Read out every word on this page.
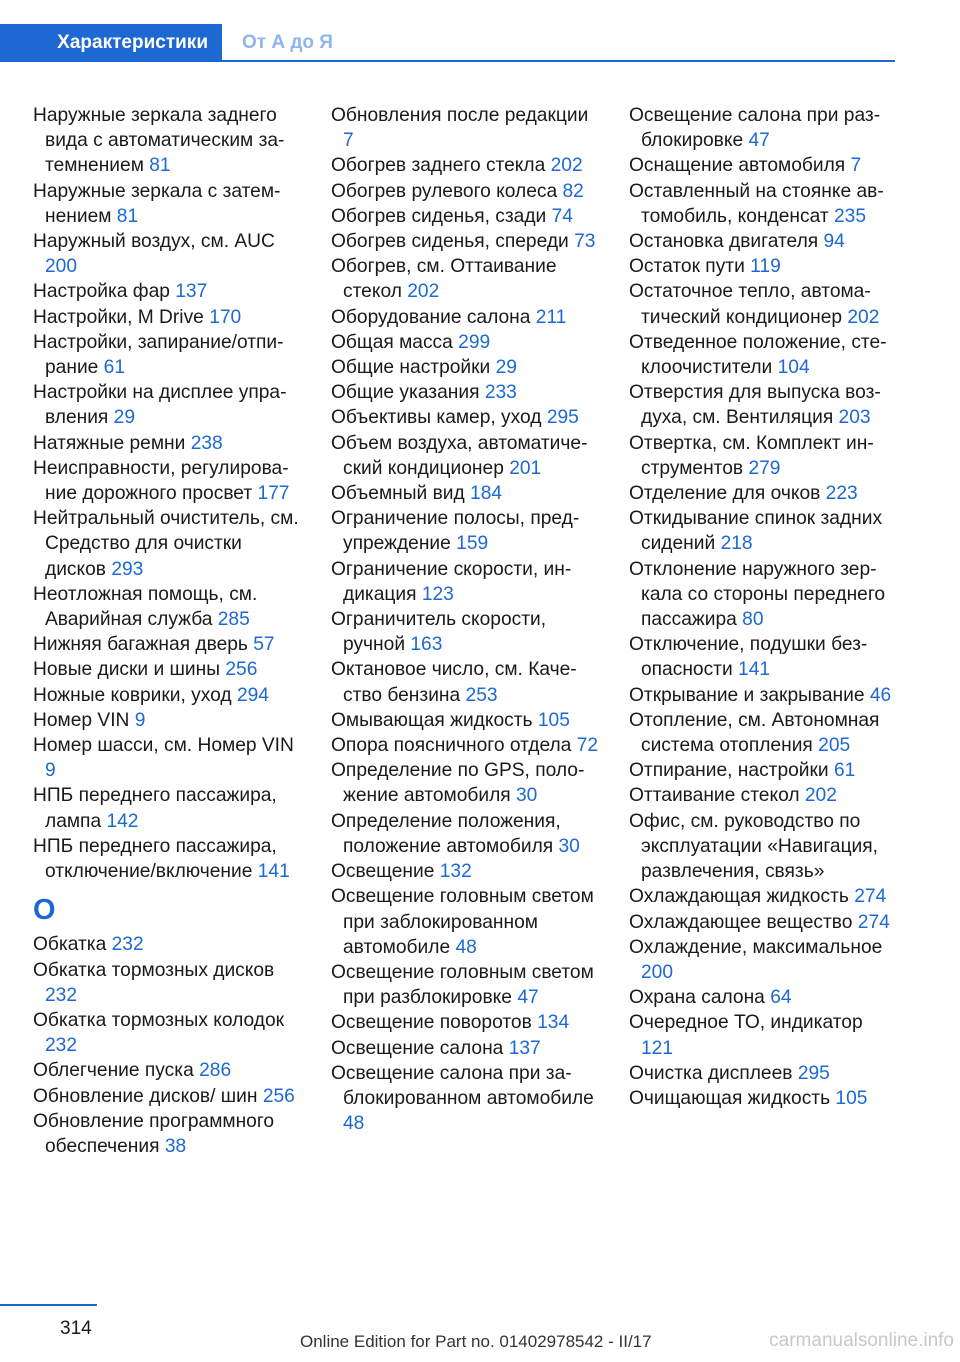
Характеристики	От А до Я
Наружные зеркала заднего вида с автоматическим затемнением 81
Наружные зеркала с затемнением 81
Наружный воздух, см. AUC 200
Настройка фар 137
Настройки, M Drive 170
Настройки, запирание/отпирание 61
Настройки на дисплее управления 29
Натяжные ремни 238
Неисправности, регулирование дорожного просвет 177
Нейтральный очиститель, см. Средство для очистки дисков 293
Неотложная помощь, см. Аварийная служба 285
Нижняя багажная дверь 57
Новые диски и шины 256
Ножные коврики, уход 294
Номер VIN 9
Номер шасси, см. Номер VIN 9
НПБ переднего пассажира, лампа 142
НПБ переднего пассажира, отключение/включение 141
О
Обкатка 232
Обкатка тормозных дисков 232
Обкатка тормозных колодок 232
Облегчение пуска 286
Обновление дисков/ шин 256
Обновление программного обеспечения 38
Обновления после редакции 7
Обогрев заднего стекла 202
Обогрев рулевого колеса 82
Обогрев сиденья, сзади 74
Обогрев сиденья, спереди 73
Обогрев, см. Оттаивание стекол 202
Оборудование салона 211
Общая масса 299
Общие настройки 29
Общие указания 233
Объективы камер, уход 295
Объем воздуха, автоматический кондиционер 201
Объемный вид 184
Ограничение полосы, предупреждение 159
Ограничение скорости, индикация 123
Ограничитель скорости, ручной 163
Октановое число, см. Качество бензина 253
Омывающая жидкость 105
Опора поясничного отдела 72
Определение по GPS, положение автомобиля 30
Определение положения, положение автомобиля 30
Освещение 132
Освещение головным светом при заблокированном автомобиле 48
Освещение головным светом при разблокировке 47
Освещение поворотов 134
Освещение салона 137
Освещение салона при заблокированном автомобиле 48
Освещение салона при разблокировке 47
Оснащение автомобиля 7
Оставленный на стоянке автомобиль, конденсат 235
Остановка двигателя 94
Остаток пути 119
Остаточное тепло, автоматический кондиционер 202
Отведенное положение, стеклоочистители 104
Отверстия для выпуска воздуха, см. Вентиляция 203
Отвертка, см. Комплект инструментов 279
Отделение для очков 223
Откидывание спинок задних сидений 218
Отклонение наружного зеркала со стороны переднего пассажира 80
Отключение, подушки безопасности 141
Открывание и закрывание 46
Отопление, см. Автономная система отопления 205
Отпирание, настройки 61
Оттаивание стекол 202
Офис, см. руководство по эксплуатации «Навигация, развлечения, связь»
Охлаждающая жидкость 274
Охлаждающее вещество 274
Охлаждение, максимальное 200
Охрана салона 64
Очередное ТО, индикатор 121
Очистка дисплеев 295
Очищающая жидкость 105
314
Online Edition for Part no. 01402978542 - II/17	carmanualsonline.info
